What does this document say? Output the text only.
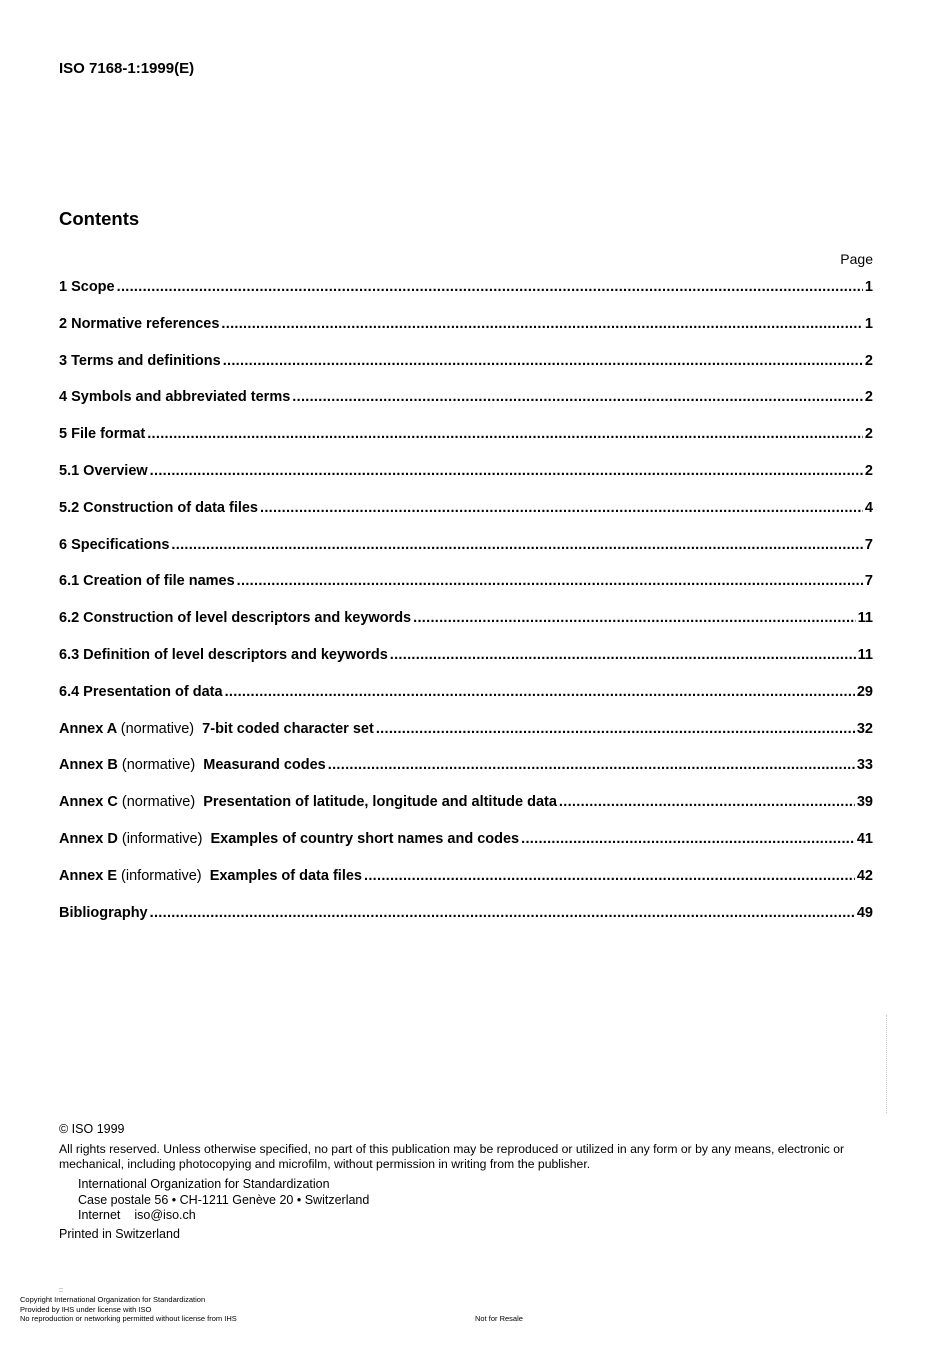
ISO 7168-1:1999(E)
Contents
Page
1 Scope .....	1
2 Normative references .....	1
3 Terms and definitions .....	2
4 Symbols and abbreviated terms .....	2
5 File format .....	2
5.1 Overview .....	2
5.2 Construction of data files .....	4
6 Specifications .....	7
6.1 Creation of file names .....	7
6.2 Construction of level descriptors and keywords .....	11
6.3 Definition of level descriptors and keywords .....	11
6.4 Presentation of data .....	29
Annex A (normative) 7-bit coded character set .....	32
Annex B (normative) Measurand codes .....	33
Annex C (normative) Presentation of latitude, longitude and altitude data .....	39
Annex D (informative) Examples of country short names and codes .....	41
Annex E (informative) Examples of data files .....	42
Bibliography .....	49
© ISO 1999
All rights reserved. Unless otherwise specified, no part of this publication may be reproduced or utilized in any form or by any means, electronic or mechanical, including photocopying and microfilm, without permission in writing from the publisher.
International Organization for Standardization
Case postale 56 • CH-1211 Genève 20 • Switzerland
Internet iso@iso.ch
Printed in Switzerland
::
Copyright International Organization for Standardization
Provided by IHS under license with ISO
No reproduction or networking permitted without license from IHS	Not for Resale
